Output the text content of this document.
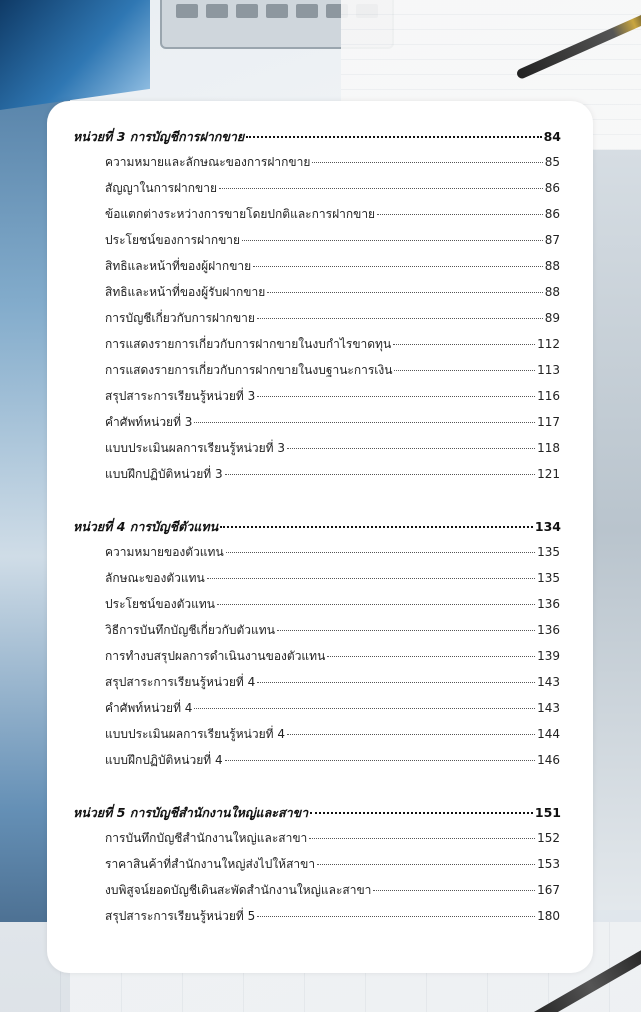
หน่วยที่ 3 การบัญชีการฝากขาย	84
ความหมายและลักษณะของการฝากขาย	85
สัญญาในการฝากขาย	86
ข้อแตกต่างระหว่างการขายโดยปกติและการฝากขาย	86
ประโยชน์ของการฝากขาย	87
สิทธิและหน้าที่ของผู้ฝากขาย	88
สิทธิและหน้าที่ของผู้รับฝากขาย	88
การบัญชีเกี่ยวกับการฝากขาย	89
การแสดงรายการเกี่ยวกับการฝากขายในงบกำไรขาดทุน	112
การแสดงรายการเกี่ยวกับการฝากขายในงบฐานะการเงิน	113
สรุปสาระการเรียนรู้หน่วยที่ 3	116
คำศัพท์หน่วยที่ 3	117
แบบประเมินผลการเรียนรู้หน่วยที่ 3	118
แบบฝึกปฏิบัติหน่วยที่ 3	121
หน่วยที่ 4 การบัญชีตัวแทน	134
ความหมายของตัวแทน	135
ลักษณะของตัวแทน	135
ประโยชน์ของตัวแทน	136
วิธีการบันทึกบัญชีเกี่ยวกับตัวแทน	136
การทำงบสรุปผลการดำเนินงานของตัวแทน	139
สรุปสาระการเรียนรู้หน่วยที่ 4	143
คำศัพท์หน่วยที่ 4	143
แบบประเมินผลการเรียนรู้หน่วยที่ 4	144
แบบฝึกปฏิบัติหน่วยที่ 4	146
หน่วยที่ 5 การบัญชีสำนักงานใหญ่และสาขา	151
การบันทึกบัญชีสำนักงานใหญ่และสาขา	152
ราคาสินค้าที่สำนักงานใหญ่ส่งไปให้สาขา	153
งบพิสูจน์ยอดบัญชีเดินสะพัดสำนักงานใหญ่และสาขา	167
สรุปสาระการเรียนรู้หน่วยที่ 5	180
